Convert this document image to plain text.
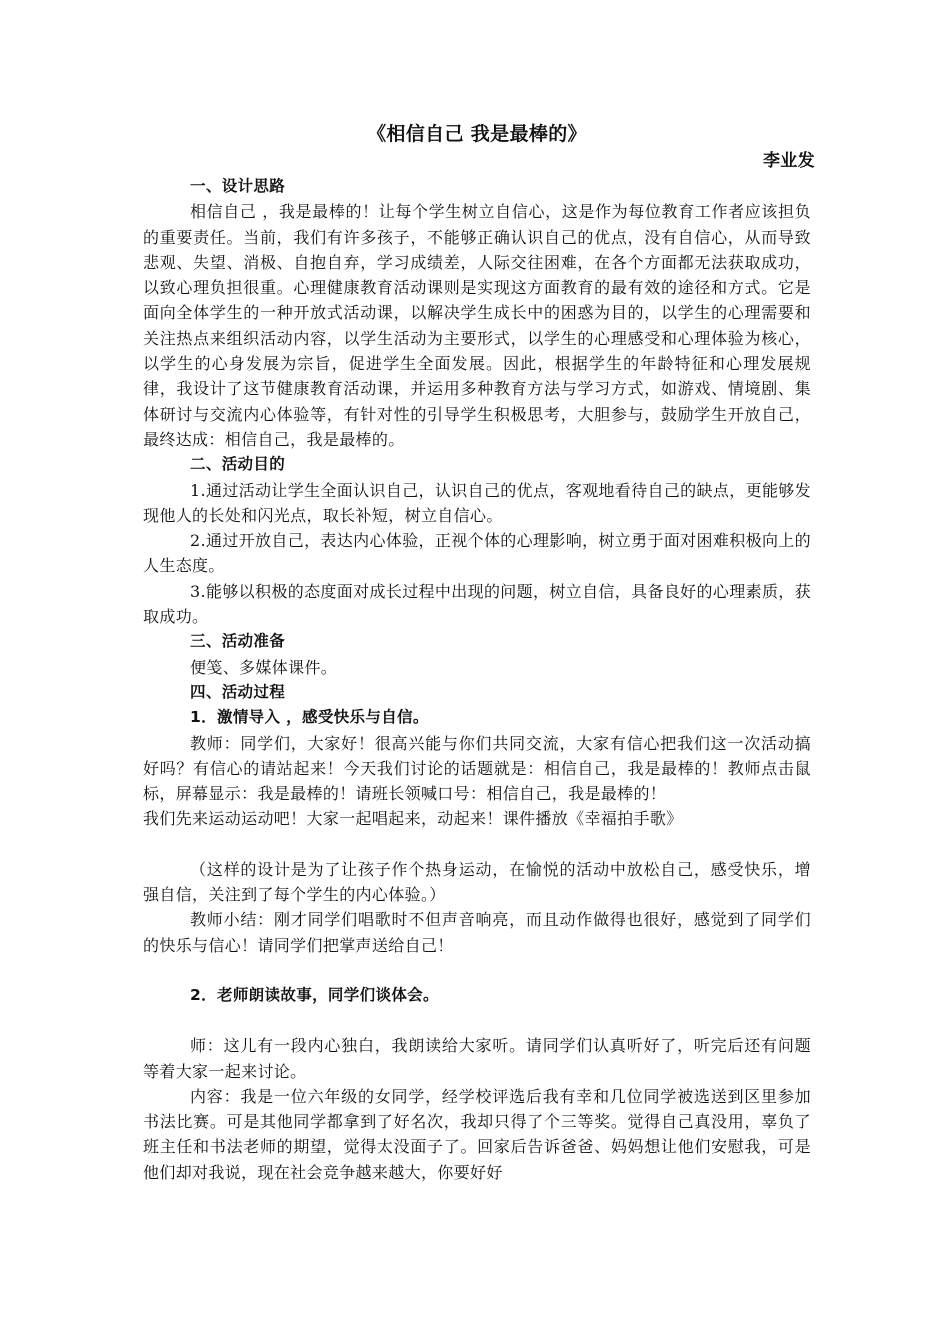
《相信自己 我是最棒的》

李业发

一、设计思路

相信自己 ，我是最棒的！让每个学生树立自信心，这是作为每位教育工作者应该担负的重要责任。当前，我们有许多孩子，不能够正确认识自己的优点，没有自信心，从而导致悲观、失望、消极、自抱自弃，学习成绩差，人际交往困难，在各个方面都无法获取成功，以致心理负担很重。心理健康教育活动课则是实现这方面教育的最有效的途径和方式。它是面向全体学生的一种开放式活动课，以解决学生成长中的困惑为目的，以学生的心理需要和关注热点来组织活动内容，以学生活动为主要形式，以学生的心理感受和心理体验为核心，以学生的心身发展为宗旨，促进学生全面发展。因此，根据学生的年龄特征和心理发展规律，我设计了这节健康教育活动课，并运用多种教育方法与学习方式，如游戏、情境剧、集体研讨与交流内心体验等，有针对性的引导学生积极思考，大胆参与，鼓励学生开放自己，最终达成：相信自己，我是最棒的。

二、活动目的

1.通过活动让学生全面认识自己，认识自己的优点，客观地看待自己的缺点，更能够发现他人的长处和闪光点，取长补短，树立自信心。

2.通过开放自己，表达内心体验，正视个体的心理影响，树立勇于面对困难积极向上的人生态度。

3.能够以积极的态度面对成长过程中出现的问题，树立自信，具备良好的心理素质，获取成功。

三、活动准备

便笺、多媒体课件。

四、活动过程

1．激情导入 ，感受快乐与自信。

教师：同学们，大家好！很高兴能与你们共同交流，大家有信心把我们这一次活动搞好吗？有信心的请站起来！今天我们讨论的话题就是：相信自己，我是最棒的！教师点击鼠标，屏幕显示：我是最棒的！请班长领喊口号：相信自己，我是最棒的！

我们先来运动运动吧！大家一起唱起来，动起来！课件播放《幸福拍手歌》

（这样的设计是为了让孩子作个热身运动，在愉悦的活动中放松自己，感受快乐，增强自信，关注到了每个学生的内心体验。）

教师小结：刚才同学们唱歌时不但声音响亮，而且动作做得也很好，感觉到了同学们的快乐与信心！请同学们把掌声送给自己！

2．老师朗读故事，同学们谈体会。

师：这儿有一段内心独白，我朗读给大家听。请同学们认真听好了，听完后还有问题等着大家一起来讨论。

内容：我是一位六年级的女同学，经学校评选后我有幸和几位同学被选送到区里参加书法比赛。可是其他同学都拿到了好名次，我却只得了个三等奖。觉得自己真没用，辜负了班主任和书法老师的期望，觉得太没面子了。回家后告诉爸爸、妈妈想让他们安慰我，可是他们却对我说，现在社会竞争越来越大，你要好好
